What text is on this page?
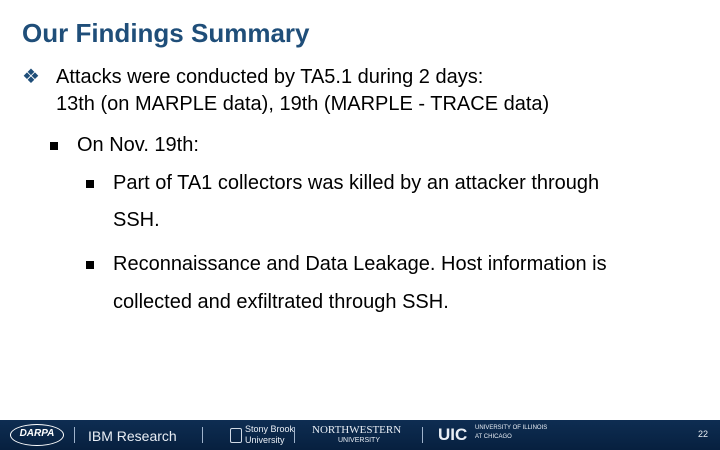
Our Findings Summary
❖ Attacks were conducted by TA5.1 during 2 days:
13th (on MARPLE data), 19th (MARPLE - TRACE data)
On Nov. 19th:
Part of TA1 collectors was killed by an attacker through
SSH.
Reconnaissance and Data Leakage. Host information is
collected and exfiltrated through SSH.
DARPA	IBM Research	Stony Brook
University
NORTHWESTERN
UNIVERSITY	UIC UNIVERSITY OF ILLINOIS
AT CHICAGO	22
